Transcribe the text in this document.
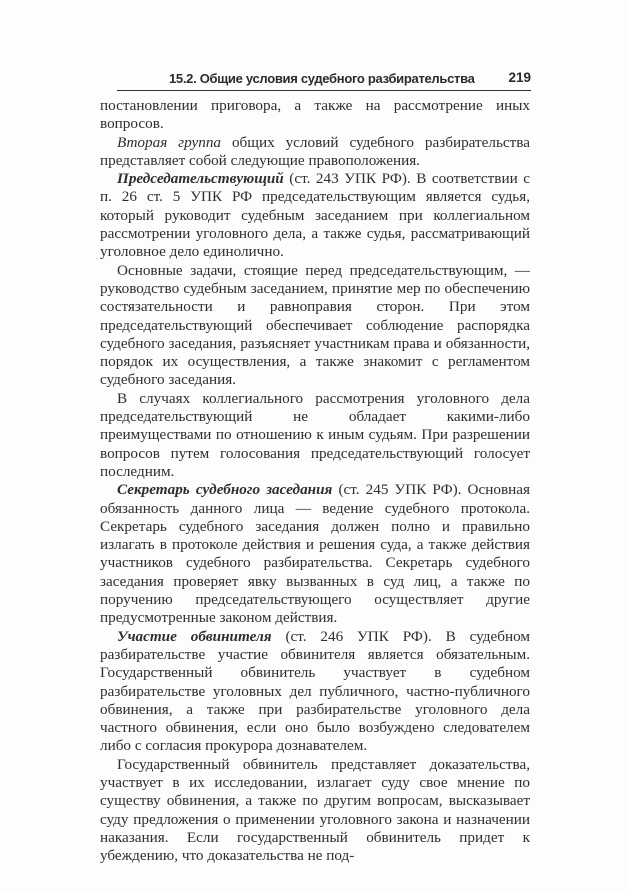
15.2. Общие условия судебного разбирательства	219

постановлении приговора, а также на рассмотрение иных вопросов.

Вторая группа общих условий судебного разбирательства представляет собой следующие правоположения.

Председательствующий (ст. 243 УПК РФ). В соответствии с п. 26 ст. 5 УПК РФ председательствующим является судья, который руководит судебным заседанием при коллегиальном рассмотрении уголовного дела, а также судья, рассматривающий уголовное дело единолично.

Основные задачи, стоящие перед председательствующим, — руководство судебным заседанием, принятие мер по обеспечению состязательности и равноправия сторон. При этом председательствующий обеспечивает соблюдение распорядка судебного заседания, разъясняет участникам права и обязанности, порядок их осуществления, а также знакомит с регламентом судебного заседания.

В случаях коллегиального рассмотрения уголовного дела председательствующий не обладает какими-либо преимуществами по отношению к иным судьям. При разрешении вопросов путем голосования председательствующий голосует последним.

Секретарь судебного заседания (ст. 245 УПК РФ). Основная обязанность данного лица — ведение судебного протокола. Секретарь судебного заседания должен полно и правильно излагать в протоколе действия и решения суда, а также действия участников судебного разбирательства. Секретарь судебного заседания проверяет явку вызванных в суд лиц, а также по поручению председательствующего осуществляет другие предусмотренные законом действия.

Участие обвинителя (ст. 246 УПК РФ). В судебном разбирательстве участие обвинителя является обязательным. Государственный обвинитель участвует в судебном разбирательстве уголовных дел публичного, частно-публичного обвинения, а также при разбирательстве уголовного дела частного обвинения, если оно было возбуждено следователем либо с согласия прокурора дознавателем.

Государственный обвинитель представляет доказательства, участвует в их исследовании, излагает суду свое мнение по существу обвинения, а также по другим вопросам, высказывает суду предложения о применении уголовного закона и назначении наказания. Если государственный обвинитель придет к убеждению, что доказательства не под-
